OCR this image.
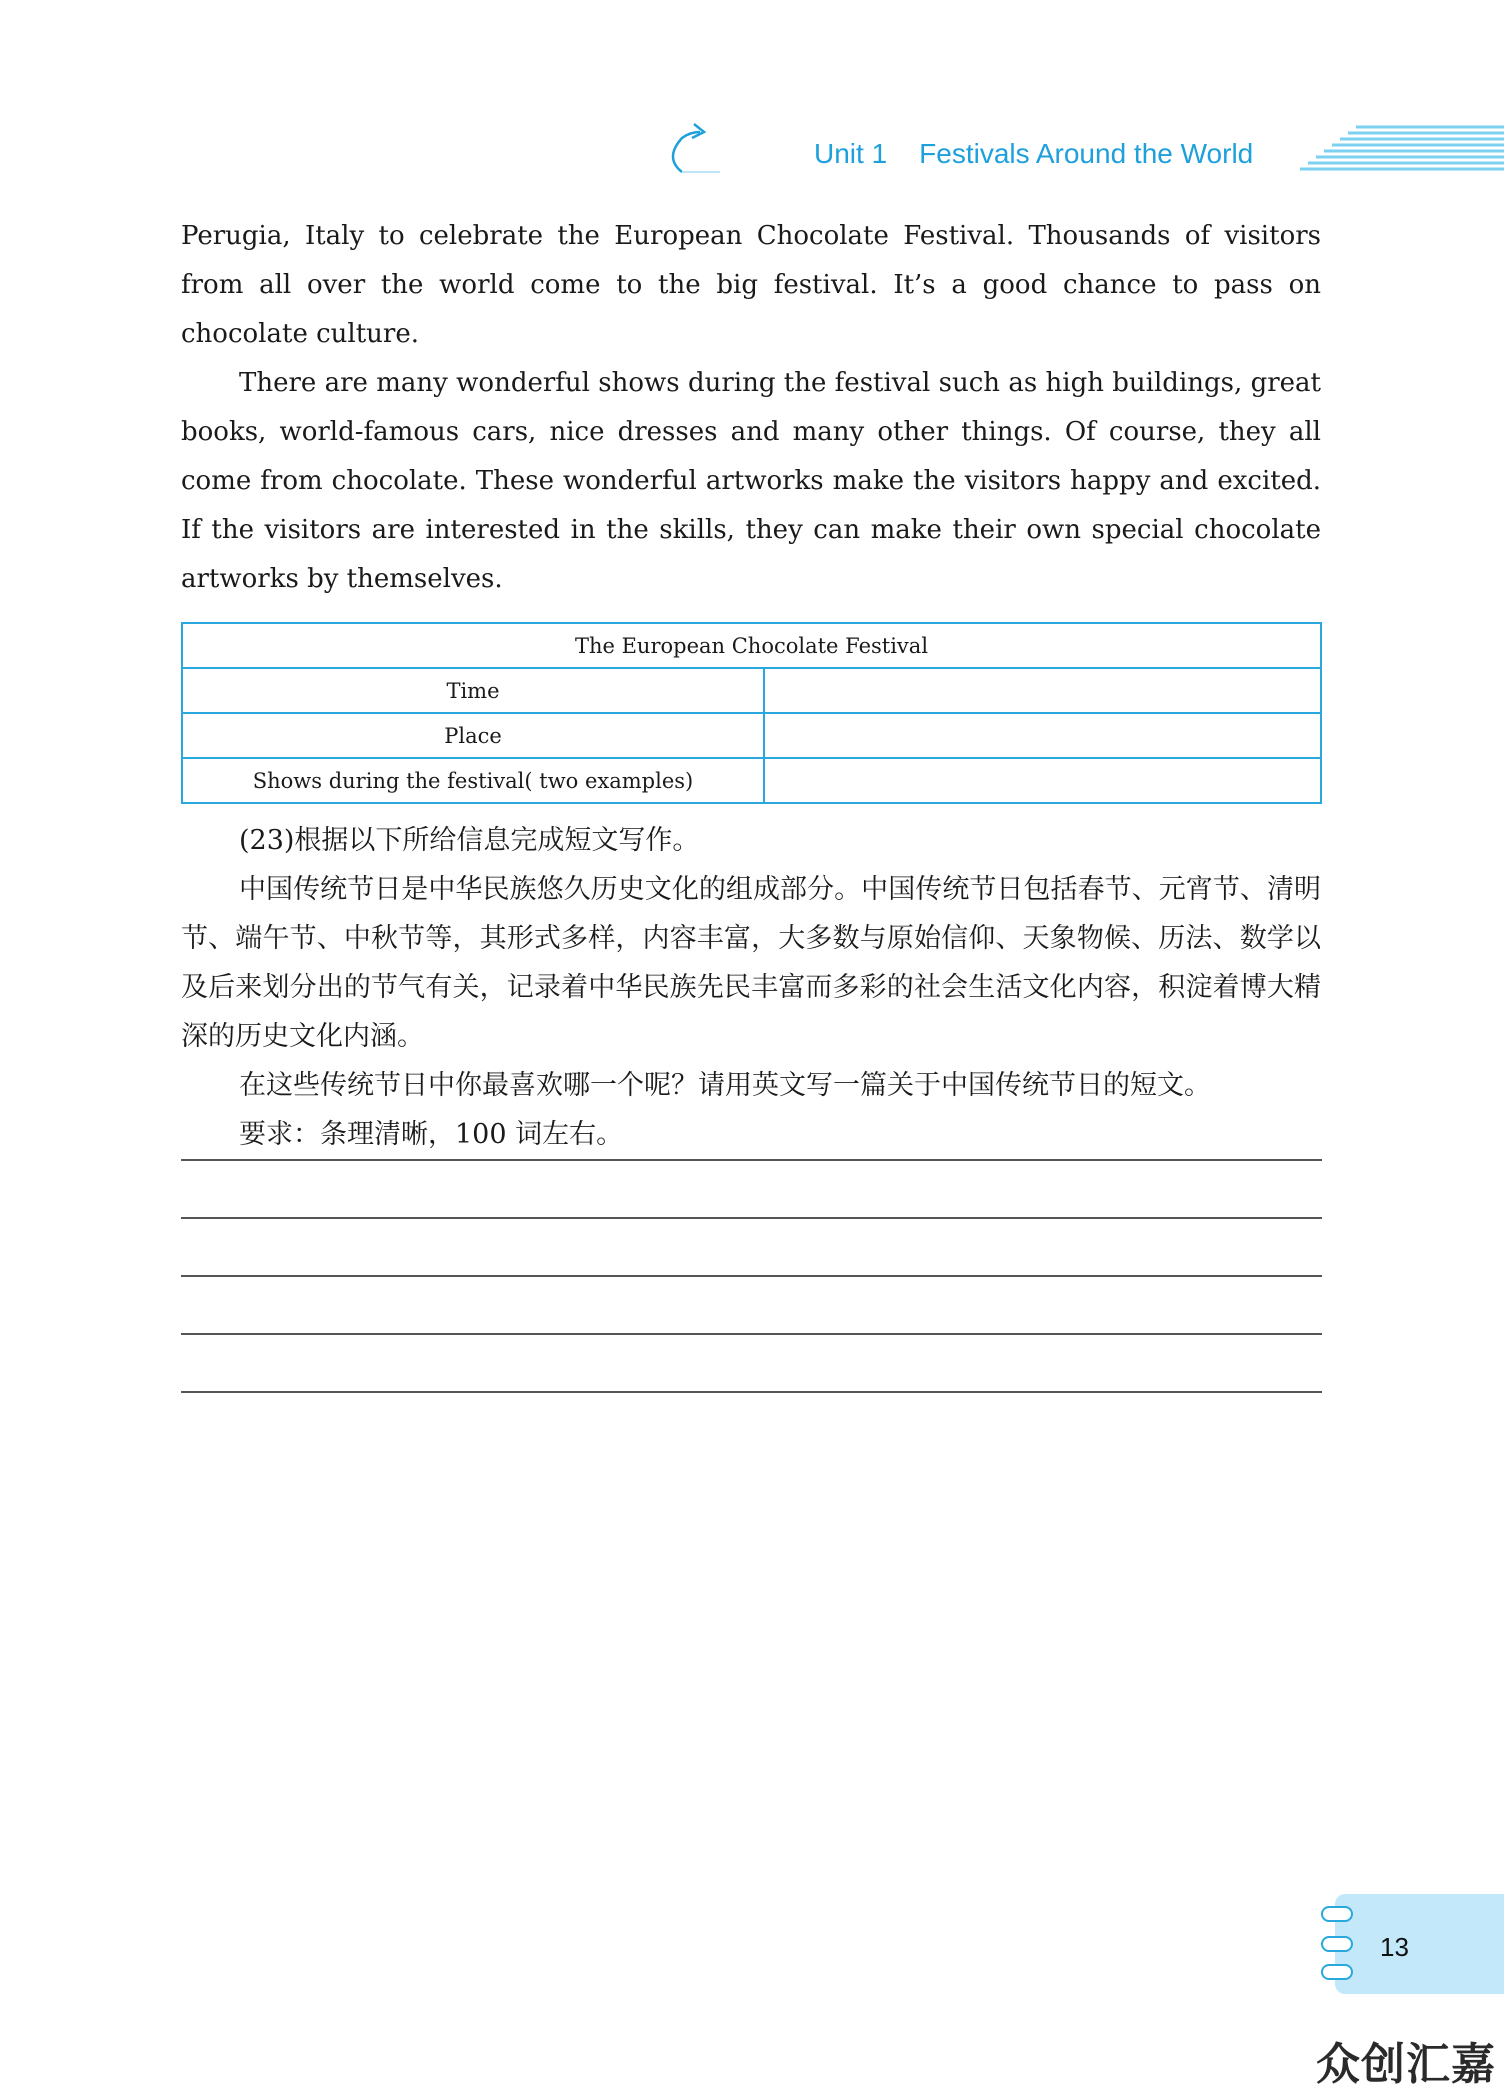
Unit 1 Festivals Around the World

Perugia, Italy to celebrate the European Chocolate Festival. Thousands of visitors from all over the world come to the big festival. It’s a good chance to pass on chocolate culture.

There are many wonderful shows during the festival such as high buildings, great books, world-famous cars, nice dresses and many other things. Of course, they all come from chocolate. These wonderful artworks make the visitors happy and excited. If the visitors are interested in the skills, they can make their own special chocolate artworks by themselves.

The European Chocolate Festival	
Time	
Place	
Shows during the festival( two examples)	

(23)根据以下所给信息完成短文写作。

中国传统节日是中华民族悠久历史文化的组成部分。中国传统节日包括春节、元宵节、清明节、端午节、中秋节等，其形式多样，内容丰富，大多数与原始信仰、天象物候、历法、数学以及后来划分出的节气有关，记录着中华民族先民丰富而多彩的社会生活文化内容，积淀着博大精深的历史文化内涵。

在这些传统节日中你最喜欢哪一个呢？请用英文写一篇关于中国传统节日的短文。

要求：条理清晰，100 词左右。

13
众创汇嘉
